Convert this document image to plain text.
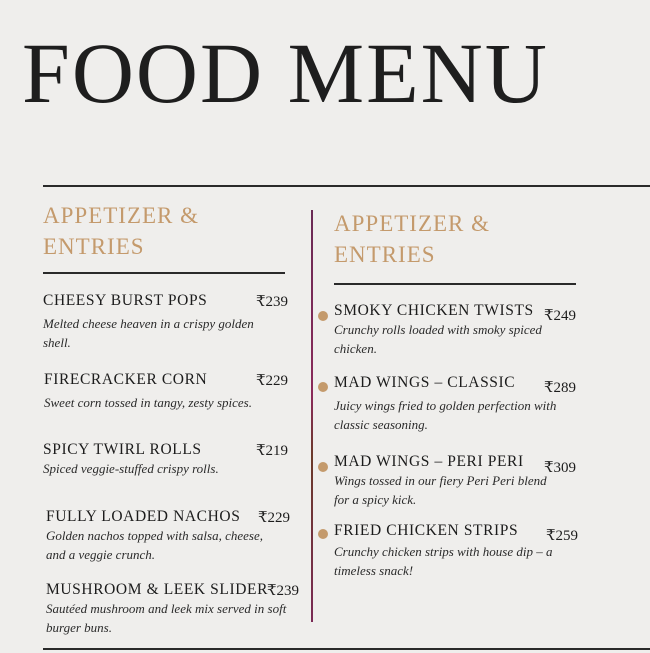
FOOD MENU
APPETIZER &
ENTRIES
CHEESY BURST POPS	₹239
Melted cheese heaven in a crispy golden shell.
FIRECRACKER CORN	₹229
Sweet corn tossed in tangy, zesty spices.
SPICY TWIRL ROLLS	₹219
Spiced veggie-stuffed crispy rolls.
FULLY LOADED NACHOS	₹229
Golden nachos topped with salsa, cheese, and a veggie crunch.
MUSHROOM & LEEK SLIDER
₹239
Sautéed mushroom and leek mix served in soft burger buns.
APPETIZER &
ENTRIES
SMOKY CHICKEN TWISTS ₹249
Crunchy rolls loaded with smoky spiced chicken.
MAD WINGS – CLASSIC	₹289
Juicy wings fried to golden perfection with classic seasoning.
MAD WINGS – PERI PERI	₹309
Wings tossed in our fiery Peri Peri blend for a spicy kick.
FRIED CHICKEN STRIPS	₹259
Crunchy chicken strips with house dip – a timeless snack!
